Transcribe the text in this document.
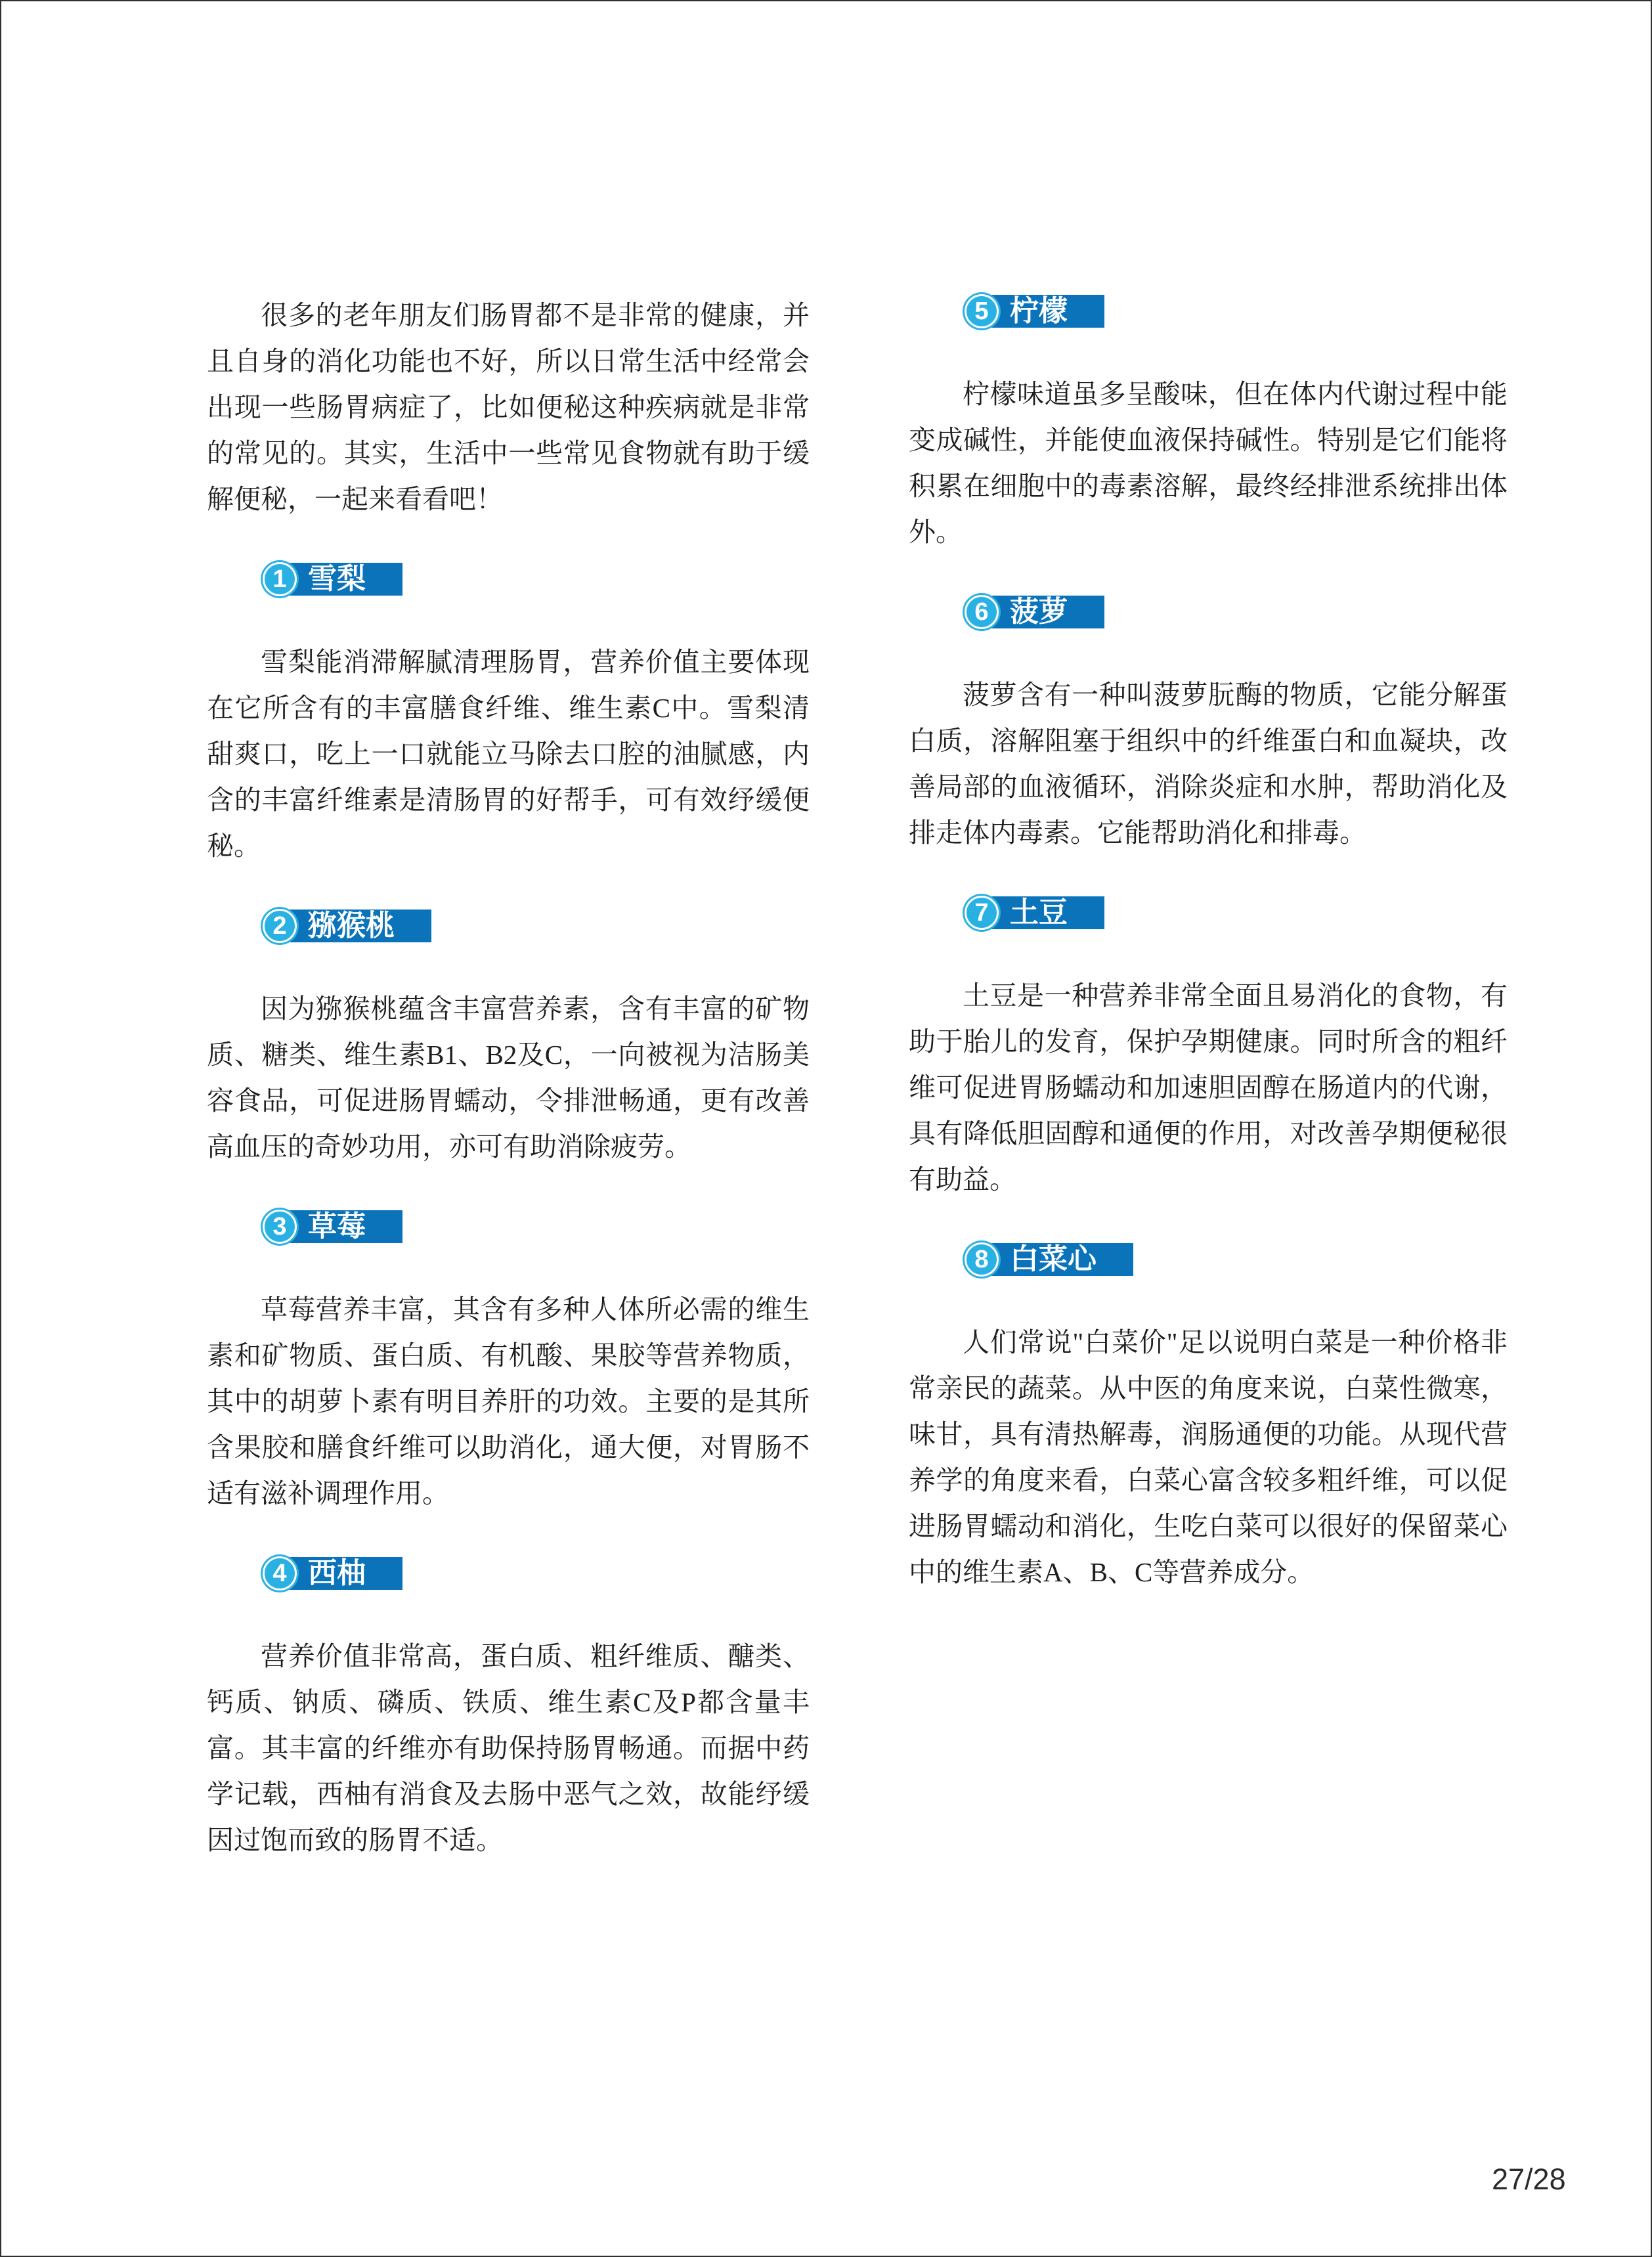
很多的老年朋友们肠胃都不是非常的健康，并且自身的消化功能也不好，所以日常生活中经常会出现一些肠胃病症了，比如便秘这种疾病就是非常的常见的。其实，生活中一些常见食物就有助于缓解便秘，一起来看看吧！

1 雪梨

雪梨能消滞解腻清理肠胃，营养价值主要体现在它所含有的丰富膳食纤维、维生素C中。雪梨清甜爽口，吃上一口就能立马除去口腔的油腻感，内含的丰富纤维素是清肠胃的好帮手，可有效纾缓便秘。

2 猕猴桃

因为猕猴桃蕴含丰富营养素，含有丰富的矿物质、糖类、维生素B1、B2及C，一向被视为洁肠美容食品，可促进肠胃蠕动，令排泄畅通，更有改善高血压的奇妙功用，亦可有助消除疲劳。

3 草莓

草莓营养丰富，其含有多种人体所必需的维生素和矿物质、蛋白质、有机酸、果胶等营养物质，其中的胡萝卜素有明目养肝的功效。主要的是其所含果胶和膳食纤维可以助消化，通大便，对胃肠不适有滋补调理作用。

4 西柚

营养价值非常高，蛋白质、粗纤维质、醣类、钙质、钠质、磷质、铁质、维生素C及P都含量丰富。其丰富的纤维亦有助保持肠胃畅通。而据中药学记载，西柚有消食及去肠中恶气之效，故能纾缓因过饱而致的肠胃不适。

5 柠檬

柠檬味道虽多呈酸味，但在体内代谢过程中能变成碱性，并能使血液保持碱性。特别是它们能将积累在细胞中的毒素溶解，最终经排泄系统排出体外。

6 菠萝

菠萝含有一种叫菠萝朊酶的物质，它能分解蛋白质，溶解阻塞于组织中的纤维蛋白和血凝块，改善局部的血液循环，消除炎症和水肿，帮助消化及排走体内毒素。它能帮助消化和排毒。

7 土豆

土豆是一种营养非常全面且易消化的食物，有助于胎儿的发育，保护孕期健康。同时所含的粗纤维可促进胃肠蠕动和加速胆固醇在肠道内的代谢，具有降低胆固醇和通便的作用，对改善孕期便秘很有助益。

8 白菜心

人们常说"白菜价"足以说明白菜是一种价格非常亲民的蔬菜。从中医的角度来说，白菜性微寒，味甘，具有清热解毒，润肠通便的功能。从现代营养学的角度来看，白菜心富含较多粗纤维，可以促进肠胃蠕动和消化，生吃白菜可以很好的保留菜心中的维生素A、B、C等营养成分。

27/28
